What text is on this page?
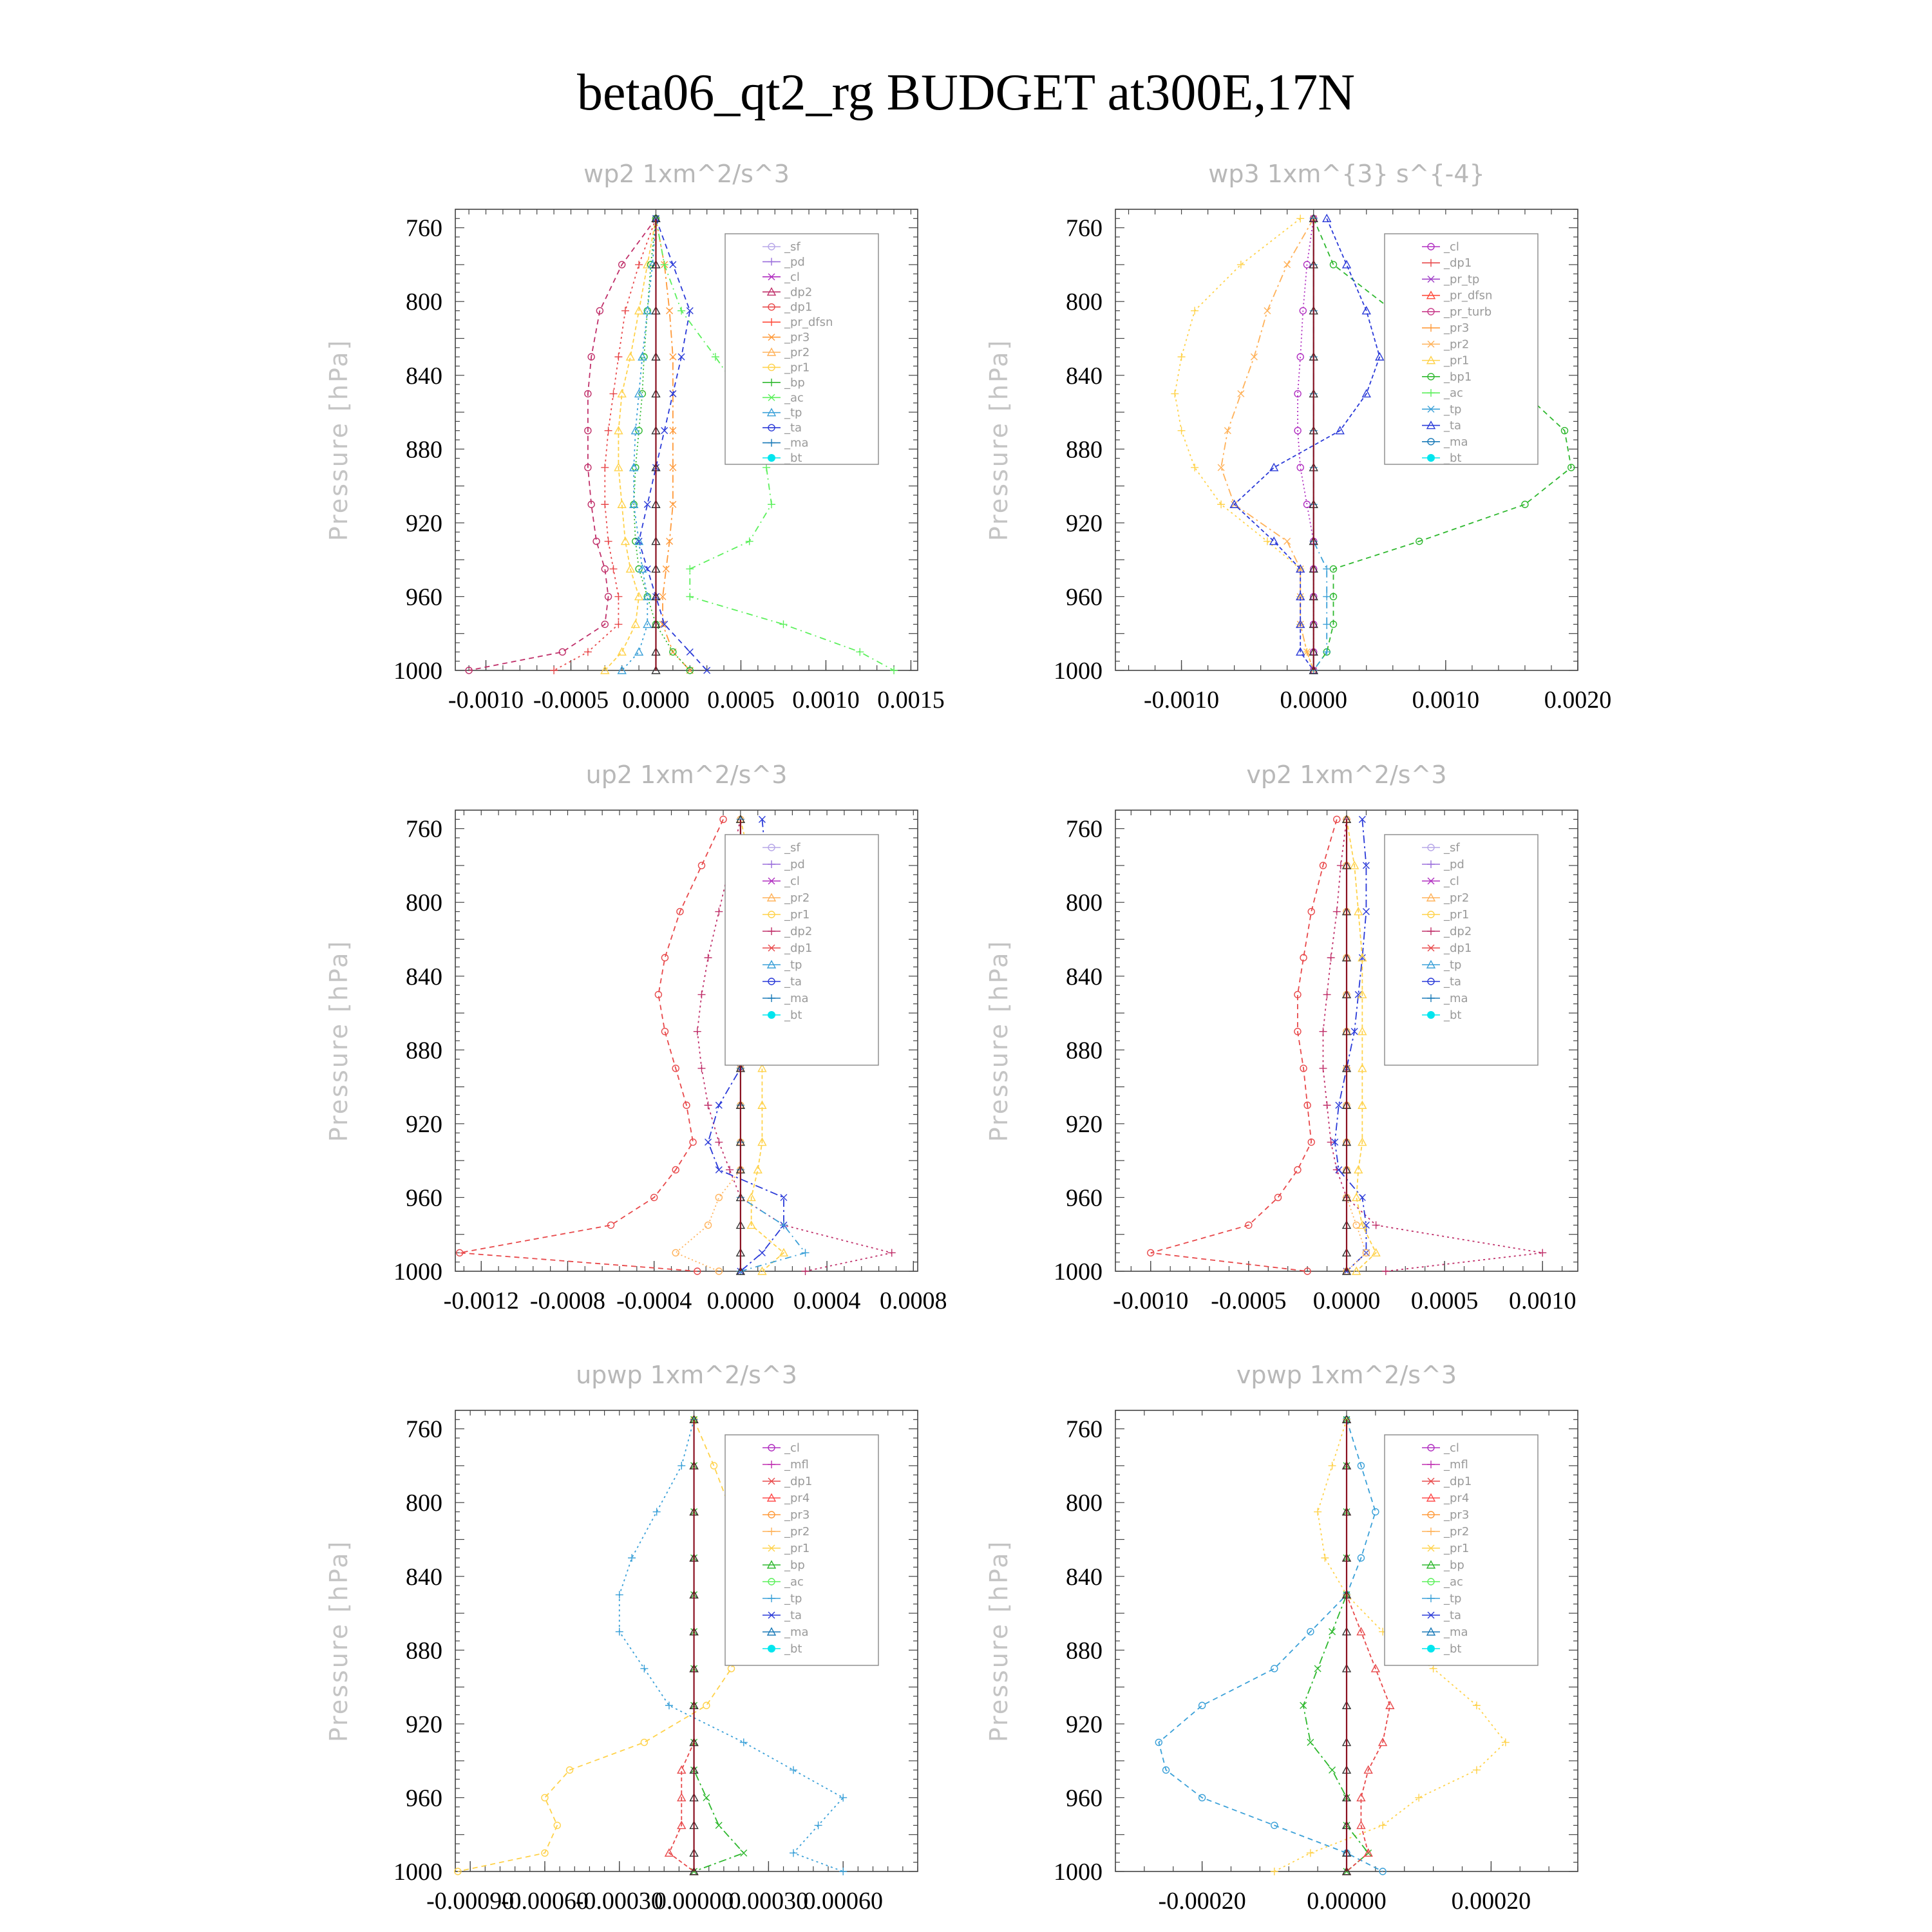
beta06_qt2_rg BUDGET at300E,17N
wp2 1xm^2/s^3
Pressure [hPa]
760
800
840
880
920
960
1000
-0.0010 -0.0005 0.0000 0.0005 0.0010 0.0015
_sf
_pd
_cl
_dp2
_dp1
_pr_dfsn
_pr3
_pr2
_pr1
_bp
_ac
_tp
_ta
_ma
_bt
wp3 1xm^{3} s^{-4}
Pressure [hPa]
760
800
840
880
920
960
1000
-0.0010 0.0000	0.0010	0.0020
_cl
_dp1
_pr_tp
_pr_dfsn
_pr_turb
_pr3
_pr2
_pr1
_bp1
_ac
_tp
_ta
_ma
_bt
up2 1xm^2/s^3
Pressure [hPa]
760
800
840
880
920
960
1000
-0.0012 -0.0008 -0.0004 0.0000 0.0004 0.0008
_sf
_pd
_cl
_pr2
_pr1
_dp2
_dp1
_tp
_ta
_ma
_bt
vp2 1xm^2/s^3
Pressure [hPa]
760
800
840
880
920
960
1000
-0.0010 -0.0005 0.0000 0.0005 0.0010
_sf
_pd
_cl
_pr2
_pr1
_dp2
_dp1
_tp
_ta
_ma
_bt
upwp 1xm^2/s^3
Pressure [hPa]
760
800
840
880
920
960
1000
-0.00090
-0.00060
-0.00030
0.00000
0.00030
0.00060
_cl
_mfl
_dp1
_pr4
_pr3
_pr2
_pr1
_bp
_ac
_tp
_ta
_ma
_bt
vpwp 1xm^2/s^3
Pressure [hPa]
760
800
840
880
920
960
1000
-0.00020 0.00000	0.00020
_cl
_mfl
_dp1
_pr4
_pr3
_pr2
_pr1
_bp
_ac
_tp
_ta
_ma
_bt
